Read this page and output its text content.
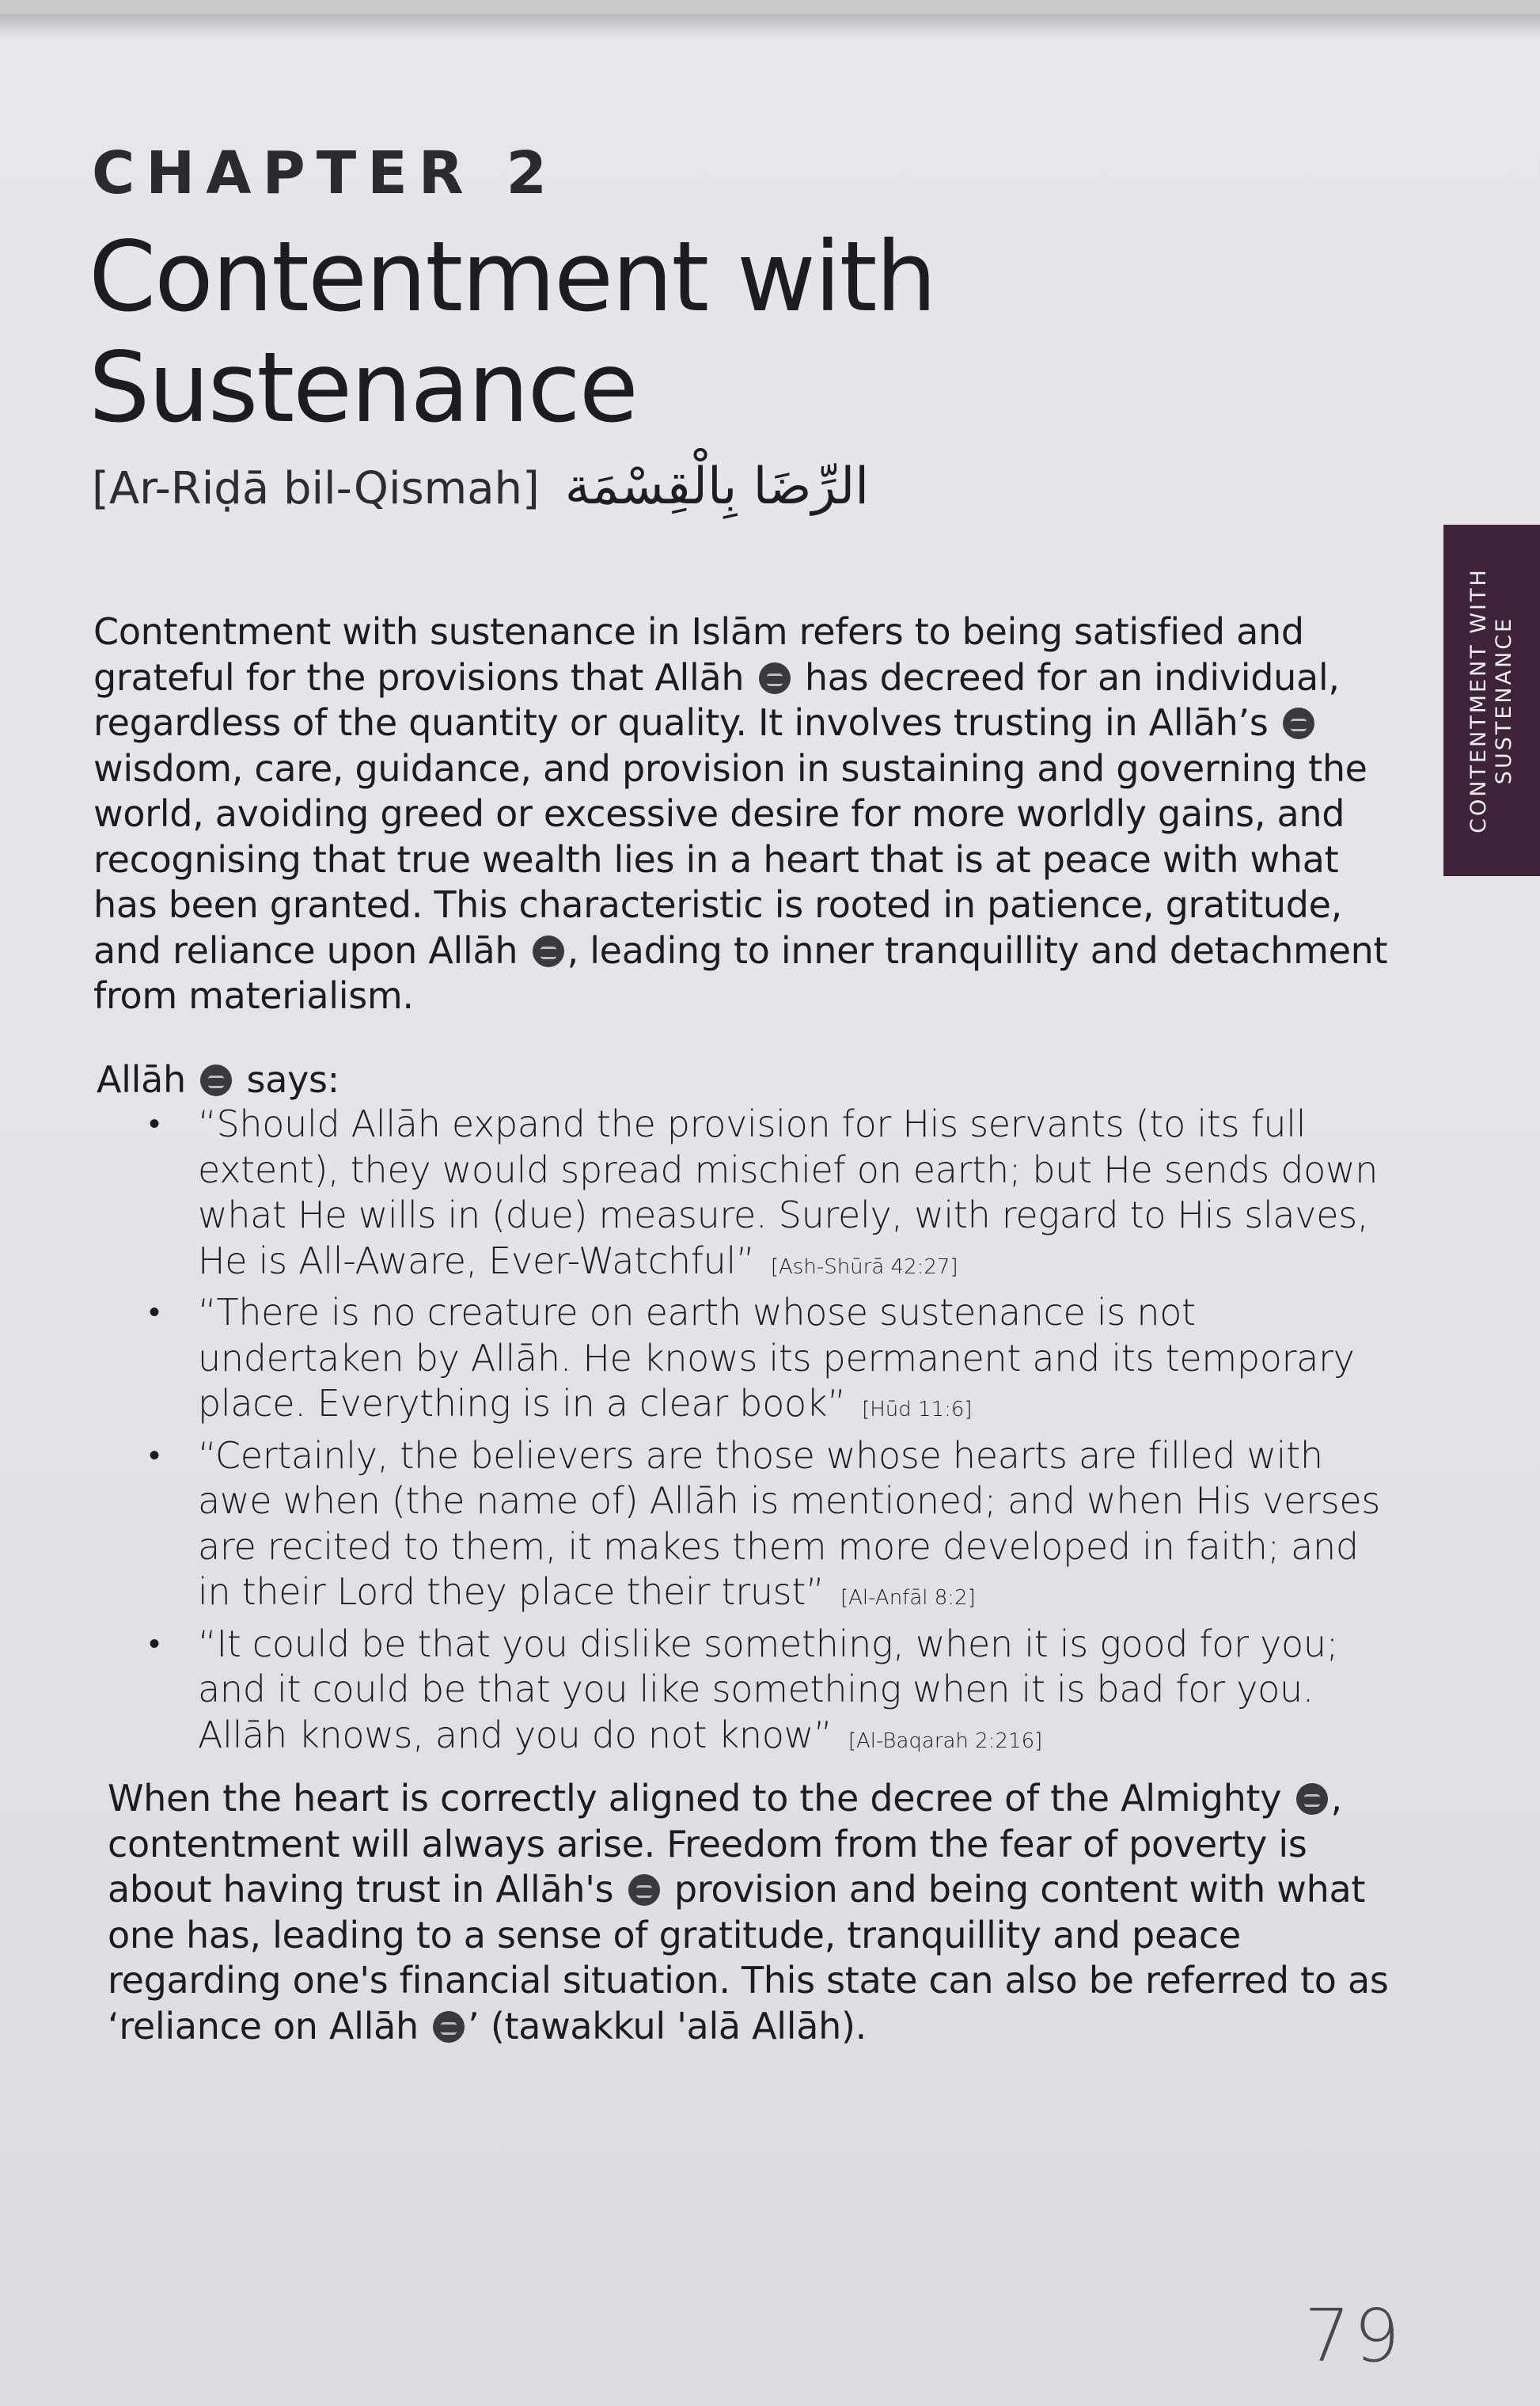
CHAPTER 2
Contentment with Sustenance
[Ar-Riḍā bil-Qismah] الرِّضَا بِالْقِسْمَة
CONTENTMENT WITH SUSTENANCE

Contentment with sustenance in Islām refers to being satisfied and grateful for the provisions that Allāh has decreed for an individual, regardless of the quantity or quality. It involves trusting in Allāh’s  wisdom, care, guidance, and provision in sustaining and governing the world, avoiding greed or excessive desire for more worldly gains, and recognising that true wealth lies in a heart that is at peace with what has been granted. This characteristic is rooted in patience, gratitude, and reliance upon Allāh , leading to inner tranquillity and detachment from materialism.

Allāh says:

• “Should Allāh expand the provision for His servants (to its full extent), they would spread mischief on earth; but He sends down what He wills in (due) measure. Surely, with regard to His slaves, He is All-Aware, Ever-Watchful” [Ash-Shūrā 42:27]
• “There is no creature on earth whose sustenance is not undertaken by Allāh. He knows its permanent and its temporary place. Everything is in a clear book” [Hūd 11:6]
• “Certainly, the believers are those whose hearts are filled with awe when (the name of) Allāh is mentioned; and when His verses are recited to them, it makes them more developed in faith; and in their Lord they place their trust” [Al-Anfāl 8:2]
• “It could be that you dislike something, when it is good for you; and it could be that you like something when it is bad for you. Allāh knows, and you do not know” [Al-Baqarah 2:216]

When the heart is correctly aligned to the decree of the Almighty , contentment will always arise. Freedom from the fear of poverty is about having trust in Allāh's provision and being content with what one has, leading to a sense of gratitude, tranquillity and peace regarding one's financial situation. This state can also be referred to as ‘reliance on Allāh ’ (tawakkul 'alā Allāh).

79
